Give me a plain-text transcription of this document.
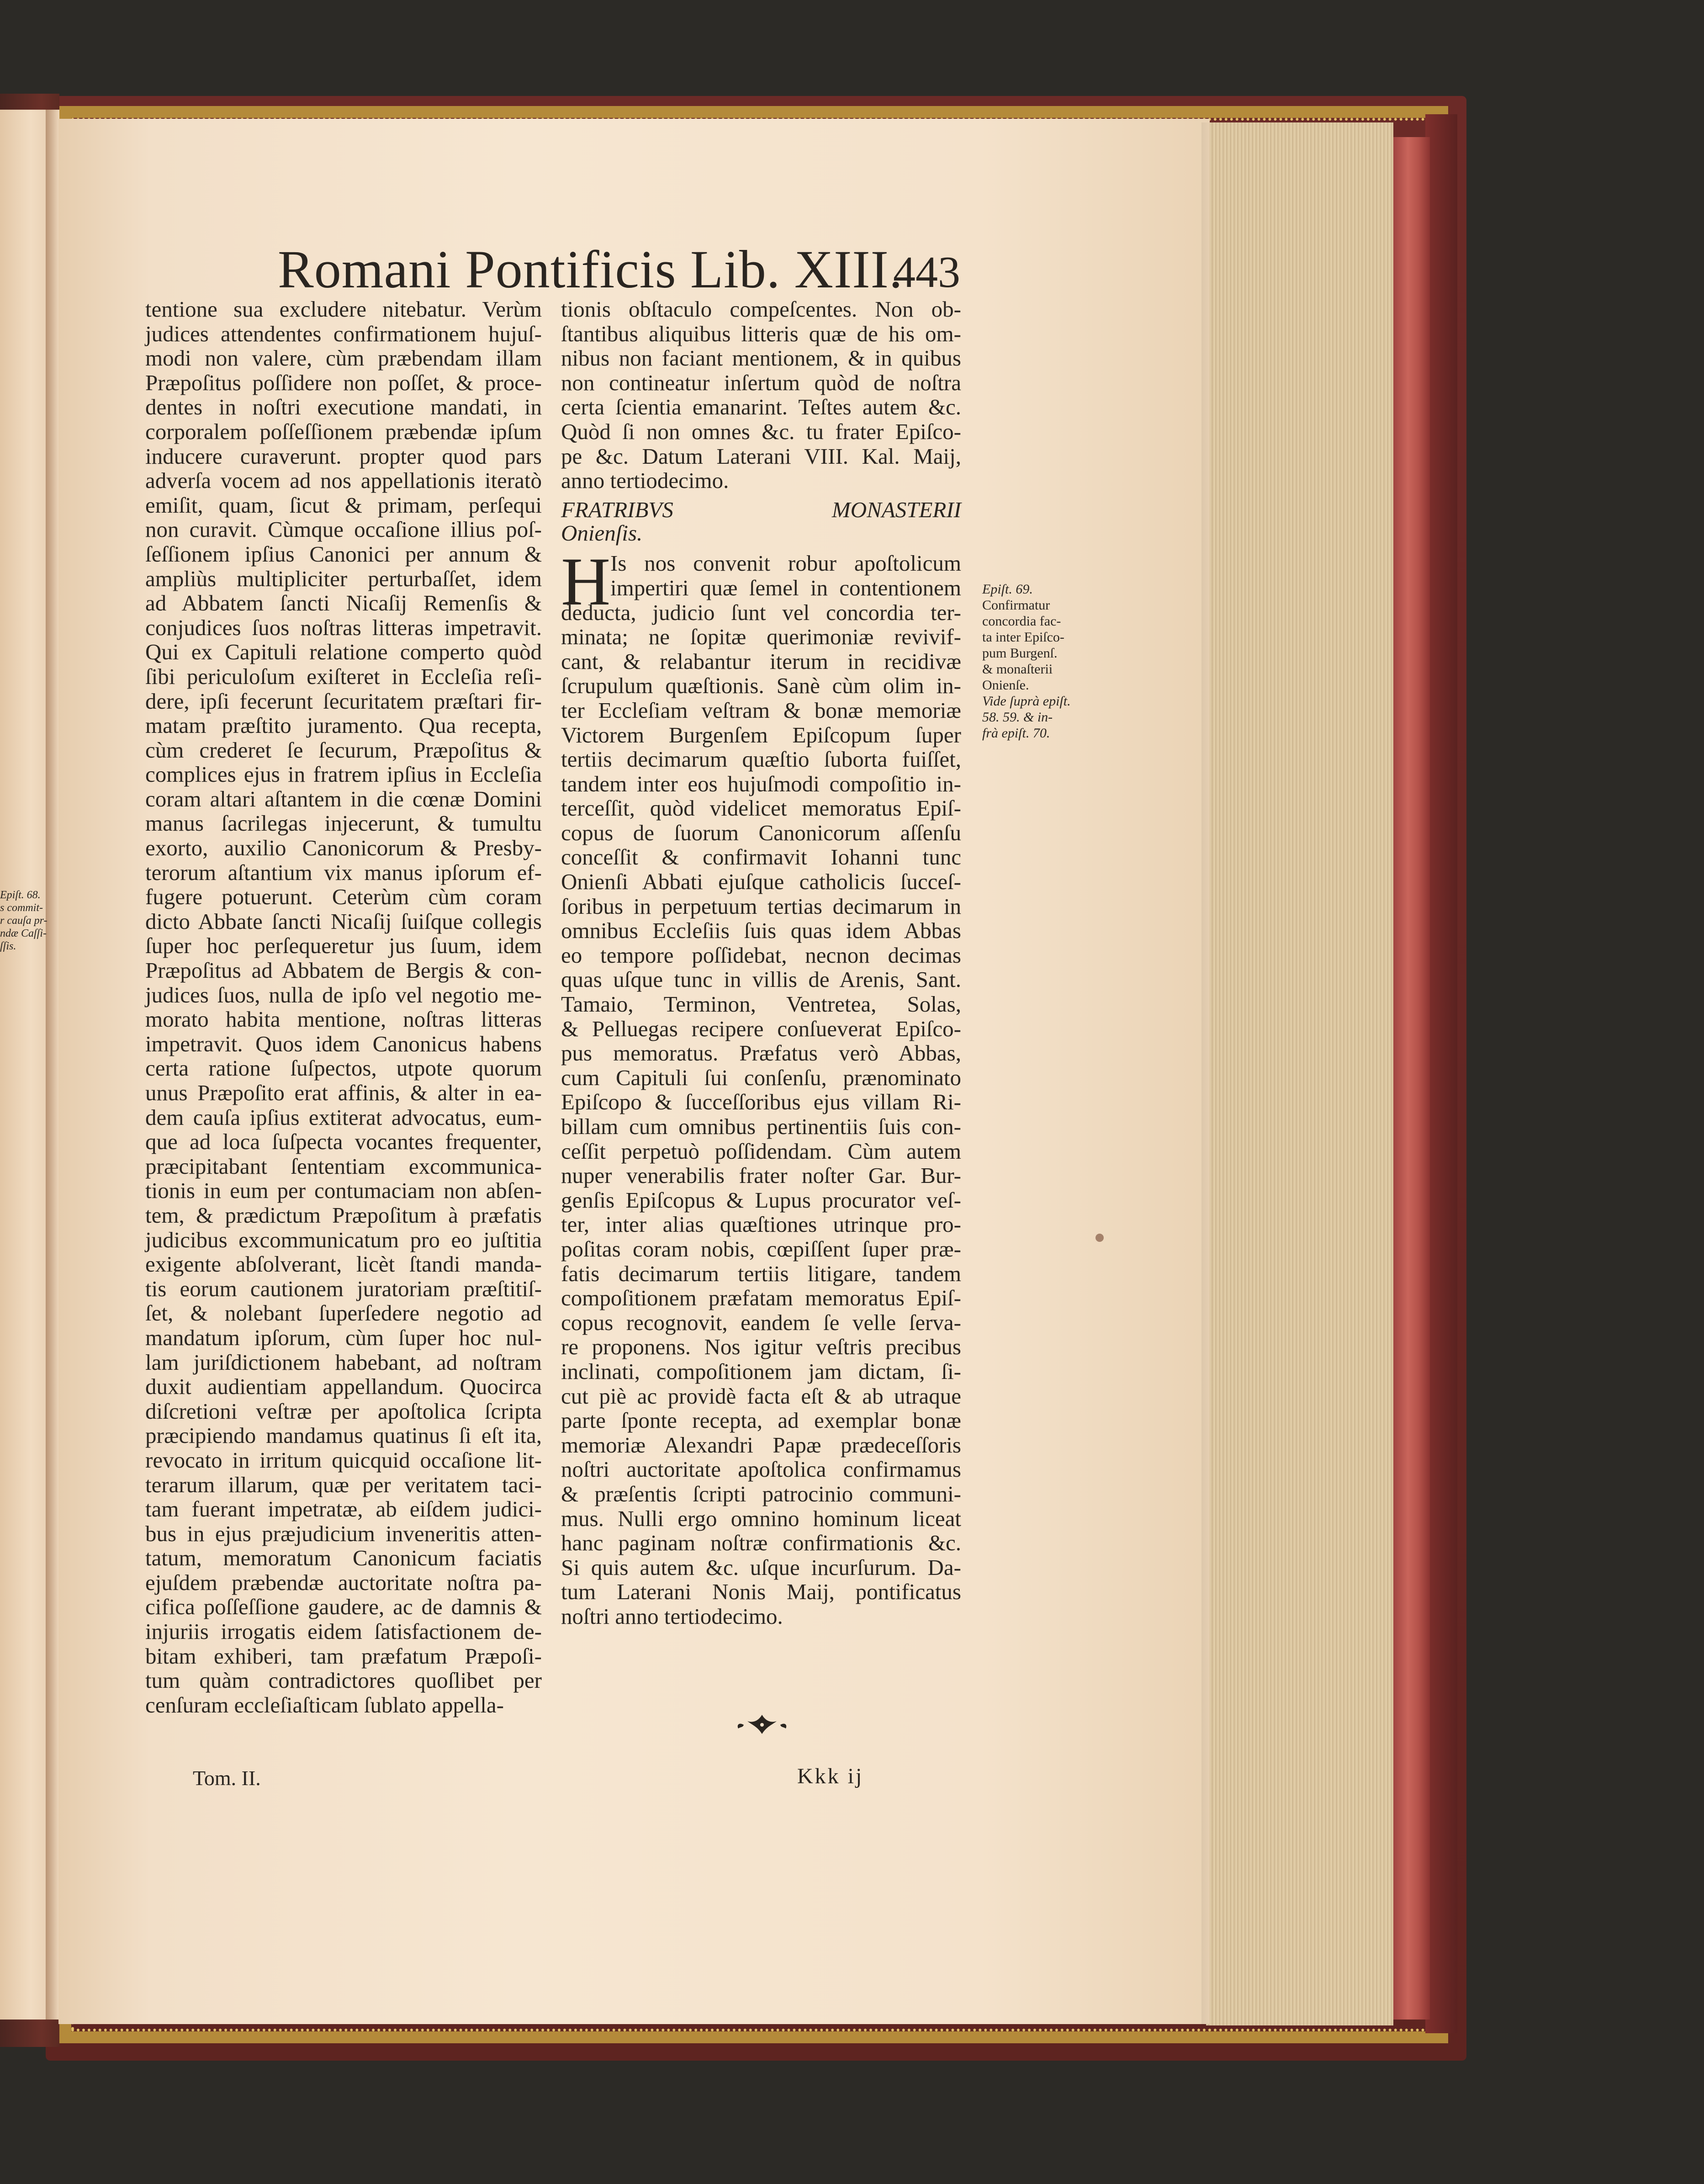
Epiſt. 68.
s commit-
r cauſa pr-
ndæ Caſſi-
ſſis.
Romani Pontificis Lib. XIII.
443
tentione sua excludere nitebatur. Verùm
judices attendentes confirmationem hujuſ-
modi non valere, cùm præbendam illam
Præpoſitus poſſidere non poſſet, & proce-
dentes in noſtri executione mandati, in
corporalem poſſeſſionem præbendæ ipſum
inducere curaverunt. propter quod pars
adverſa vocem ad nos appellationis iteratò
emiſit, quam, ſicut & primam, perſequi
non curavit. Cùmque occaſione illius poſ-
ſeſſionem ipſius Canonici per annum &
ampliùs multipliciter perturbaſſet, idem
ad Abbatem ſancti Nicaſij Remenſis &
conjudices ſuos noſtras litteras impetravit.
Qui ex Capituli relatione comperto quòd
ſibi periculoſum exiſteret in Eccleſia reſi-
dere, ipſi fecerunt ſecuritatem præſtari fir-
matam præſtito juramento. Qua recepta,
cùm crederet ſe ſecurum, Præpoſitus &
complices ejus in fratrem ipſius in Eccleſia
coram altari aſtantem in die cœnæ Domini
manus ſacrilegas injecerunt, & tumultu
exorto, auxilio Canonicorum & Presby-
terorum aſtantium vix manus ipſorum ef-
fugere potuerunt. Ceterùm cùm coram
dicto Abbate ſancti Nicaſij ſuiſque collegis
ſuper hoc perſequeretur jus ſuum, idem
Præpoſitus ad Abbatem de Bergis & con-
judices ſuos, nulla de ipſo vel negotio me-
morato habita mentione, noſtras litteras
impetravit. Quos idem Canonicus habens
certa ratione ſuſpectos, utpote quorum
unus Præpoſito erat affinis, & alter in ea-
dem cauſa ipſius extiterat advocatus, eum-
que ad loca ſuſpecta vocantes frequenter,
præcipitabant ſententiam excommunica-
tionis in eum per contumaciam non abſen-
tem, & prædictum Præpoſitum à præfatis
judicibus excommunicatum pro eo juſtitia
exigente abſolverant, licèt ſtandi manda-
tis eorum cautionem juratoriam præſtitiſ-
ſet, & nolebant ſuperſedere negotio ad
mandatum ipſorum, cùm ſuper hoc nul-
lam juriſdictionem habebant, ad noſtram
duxit audientiam appellandum. Quocirca
diſcretioni veſtræ per apoſtolica ſcripta
præcipiendo mandamus quatinus ſi eſt ita,
revocato in irritum quicquid occaſione lit-
terarum illarum, quæ per veritatem taci-
tam fuerant impetratæ, ab eiſdem judici-
bus in ejus præjudicium inveneritis atten-
tatum, memoratum Canonicum faciatis
ejuſdem præbendæ auctoritate noſtra pa-
cifica poſſeſſione gaudere, ac de damnis &
injuriis irrogatis eidem ſatisfactionem de-
bitam exhiberi, tam præfatum Præpoſi-
tum quàm contradictores quoſlibet per
cenſuram eccleſiaſticam ſublato appella-
tionis obſtaculo compeſcentes. Non ob-
ſtantibus aliquibus litteris quæ de his om-
nibus non faciant mentionem, & in quibus
non contineatur inſertum quòd de noſtra
certa ſcientia emanarint. Teſtes autem &c.
Quòd ſi non omnes &c. tu frater Epiſco-
pe &c. Datum Laterani VIII. Kal. Maij,
anno tertiodecimo.
FRATRIBVS MONASTERII
Onienſis.
Is nos convenit robur apoſtolicum
impertiri quæ ſemel in contentionem
deducta, judicio ſunt vel concordia ter-
minata; ne ſopitæ querimoniæ revivif-
cant, & relabantur iterum in recidivæ
ſcrupulum quæſtionis. Sanè cùm olim in-
ter Eccleſiam veſtram & bonæ memoriæ
Victorem Burgenſem Epiſcopum ſuper
tertiis decimarum quæſtio ſuborta fuiſſet,
tandem inter eos hujuſmodi compoſitio in-
terceſſit, quòd videlicet memoratus Epiſ-
copus de ſuorum Canonicorum aſſenſu
conceſſit & confirmavit Iohanni tunc
Onienſi Abbati ejuſque catholicis ſucceſ-
ſoribus in perpetuum tertias decimarum in
omnibus Eccleſiis ſuis quas idem Abbas
eo tempore poſſidebat, necnon decimas
quas uſque tunc in villis de Arenis, Sant.
Tamaio, Terminon, Ventretea, Solas,
& Pelluegas recipere conſueverat Epiſco-
pus memoratus. Præfatus verò Abbas,
cum Capituli ſui conſenſu, prænominato
Epiſcopo & ſucceſſoribus ejus villam Ri-
billam cum omnibus pertinentiis ſuis con-
ceſſit perpetuò poſſidendam. Cùm autem
nuper venerabilis frater noſter Gar. Bur-
genſis Epiſcopus & Lupus procurator veſ-
ter, inter alias quæſtiones utrinque pro-
poſitas coram nobis, cœpiſſent ſuper præ-
fatis decimarum tertiis litigare, tandem
compoſitionem præfatam memoratus Epiſ-
copus recognovit, eandem ſe velle ſerva-
re proponens. Nos igitur veſtris precibus
inclinati, compoſitionem jam dictam, ſi-
cut piè ac providè facta eſt & ab utraque
parte ſponte recepta, ad exemplar bonæ
memoriæ Alexandri Papæ prædeceſſoris
noſtri auctoritate apoſtolica confirmamus
& præſentis ſcripti patrocinio communi-
mus. Nulli ergo omnino hominum liceat
hanc paginam noſtræ confirmationis &c.
Si quis autem &c. uſque incurſurum. Da-
tum Laterani Nonis Maij, pontificatus
noſtri anno tertiodecimo.
H	Epiſt. 69.
Confirmatur
concordia fac-
ta inter Epiſco-
pum Burgenſ.
& monaſterii
Onienſe.
Vide ſuprà epiſt.
58. 59. & in-
frà epiſt. 70.
Tom. II.	Kkk ij
